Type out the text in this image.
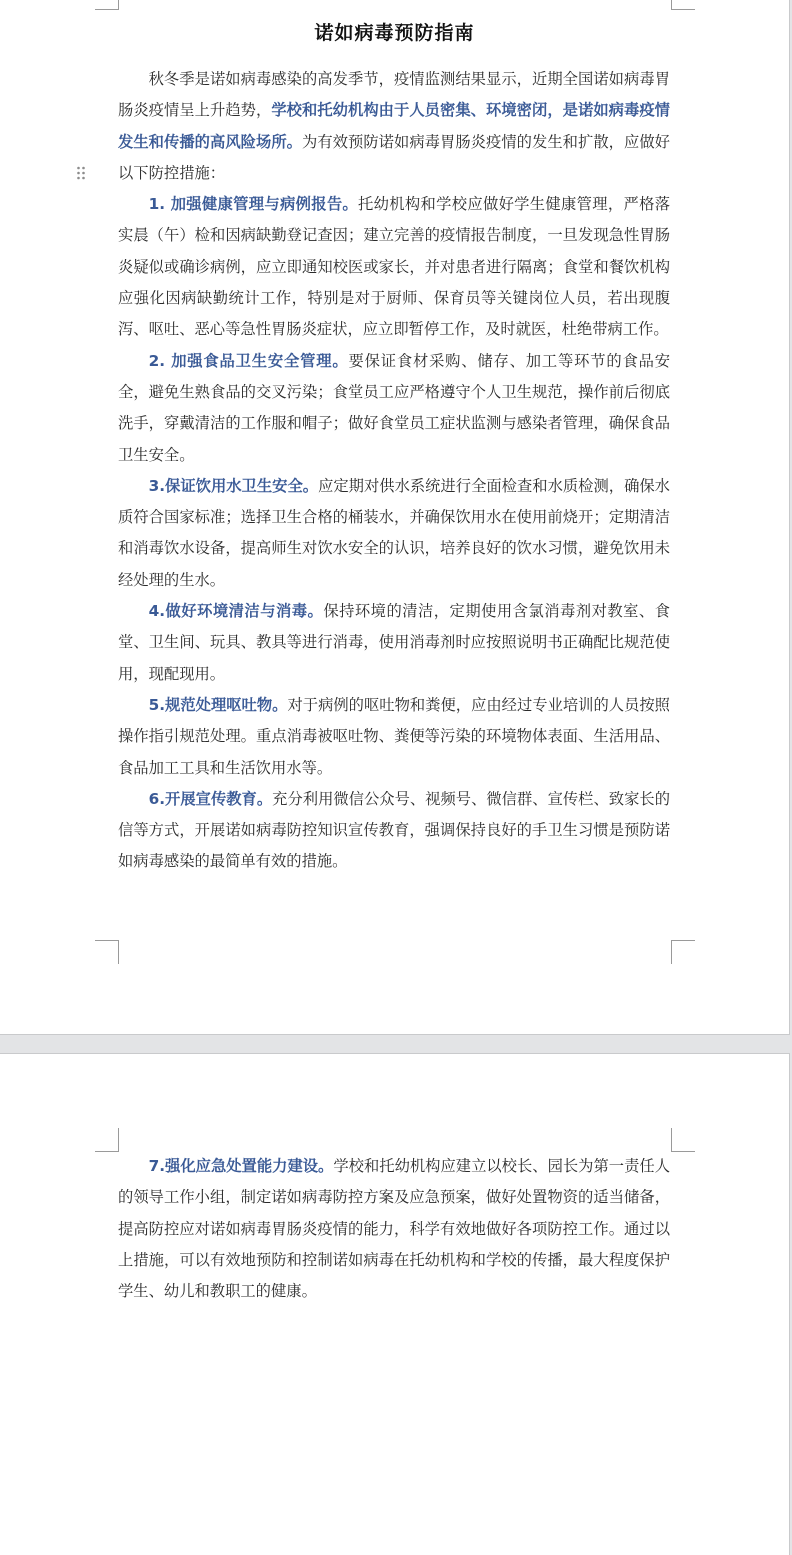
诺如病毒预防指南

秋冬季是诺如病毒感染的高发季节，疫情监测结果显示，近期全国诺如病毒胃肠炎疫情呈上升趋势，学校和托幼机构由于人员密集、环境密闭，是诺如病毒疫情发生和传播的高风险场所。为有效预防诺如病毒胃肠炎疫情的发生和扩散，应做好以下防控措施：

1. 加强健康管理与病例报告。托幼机构和学校应做好学生健康管理，严格落实晨（午）检和因病缺勤登记查因；建立完善的疫情报告制度，一旦发现急性胃肠炎疑似或确诊病例，应立即通知校医或家长，并对患者进行隔离；食堂和餐饮机构应强化因病缺勤统计工作，特别是对于厨师、保育员等关键岗位人员，若出现腹泻、呕吐、恶心等急性胃肠炎症状，应立即暂停工作，及时就医，杜绝带病工作。

2. 加强食品卫生安全管理。要保证食材采购、储存、加工等环节的食品安全，避免生熟食品的交叉污染；食堂员工应严格遵守个人卫生规范，操作前后彻底洗手，穿戴清洁的工作服和帽子；做好食堂员工症状监测与感染者管理，确保食品卫生安全。

3.保证饮用水卫生安全。应定期对供水系统进行全面检查和水质检测，确保水质符合国家标准；选择卫生合格的桶装水，并确保饮用水在使用前烧开；定期清洁和消毒饮水设备，提高师生对饮水安全的认识，培养良好的饮水习惯，避免饮用未经处理的生水。

4.做好环境清洁与消毒。保持环境的清洁，定期使用含氯消毒剂对教室、食堂、卫生间、玩具、教具等进行消毒，使用消毒剂时应按照说明书正确配比规范使用，现配现用。

5.规范处理呕吐物。对于病例的呕吐物和粪便，应由经过专业培训的人员按照操作指引规范处理。重点消毒被呕吐物、粪便等污染的环境物体表面、生活用品、食品加工工具和生活饮用水等。

6.开展宣传教育。充分利用微信公众号、视频号、微信群、宣传栏、致家长的信等方式，开展诺如病毒防控知识宣传教育，强调保持良好的手卫生习惯是预防诺如病毒感染的最简单有效的措施。

7.强化应急处置能力建设。学校和托幼机构应建立以校长、园长为第一责任人的领导工作小组，制定诺如病毒防控方案及应急预案，做好处置物资的适当储备，提高防控应对诺如病毒胃肠炎疫情的能力，科学有效地做好各项防控工作。通过以上措施，可以有效地预防和控制诺如病毒在托幼机构和学校的传播，最大程度保护学生、幼儿和教职工的健康。
